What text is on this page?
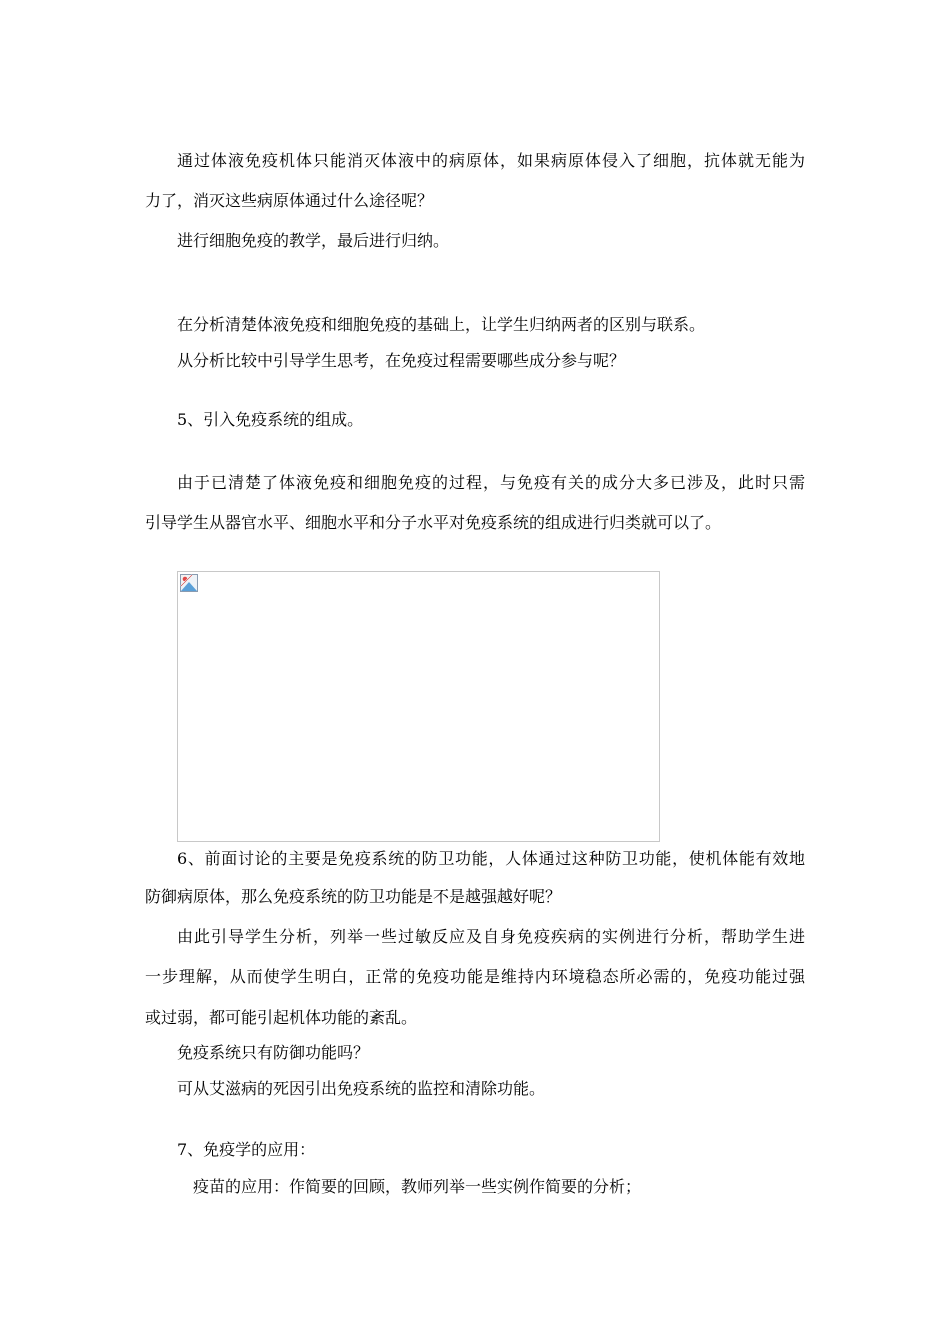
通过体液免疫机体只能消灭体液中的病原体，如果病原体侵入了细胞，抗体就无能为
力了，消灭这些病原体通过什么途径呢？
进行细胞免疫的教学，最后进行归纳。
在分析清楚体液免疫和细胞免疫的基础上，让学生归纳两者的区别与联系。
从分析比较中引导学生思考，在免疫过程需要哪些成分参与呢？
5、引入免疫系统的组成。
由于已清楚了体液免疫和细胞免疫的过程，与免疫有关的成分大多已涉及，此时只需
引导学生从器官水平、细胞水平和分子水平对免疫系统的组成进行归类就可以了。
6、前面讨论的主要是免疫系统的防卫功能，人体通过这种防卫功能，使机体能有效地
防御病原体，那么免疫系统的防卫功能是不是越强越好呢？
由此引导学生分析，列举一些过敏反应及自身免疫疾病的实例进行分析，帮助学生进
一步理解，从而使学生明白，正常的免疫功能是维持内环境稳态所必需的，免疫功能过强
或过弱，都可能引起机体功能的紊乱。
免疫系统只有防御功能吗？
可从艾滋病的死因引出免疫系统的监控和清除功能。
7、免疫学的应用：
疫苗的应用：作简要的回顾，教师列举一些实例作简要的分析；
